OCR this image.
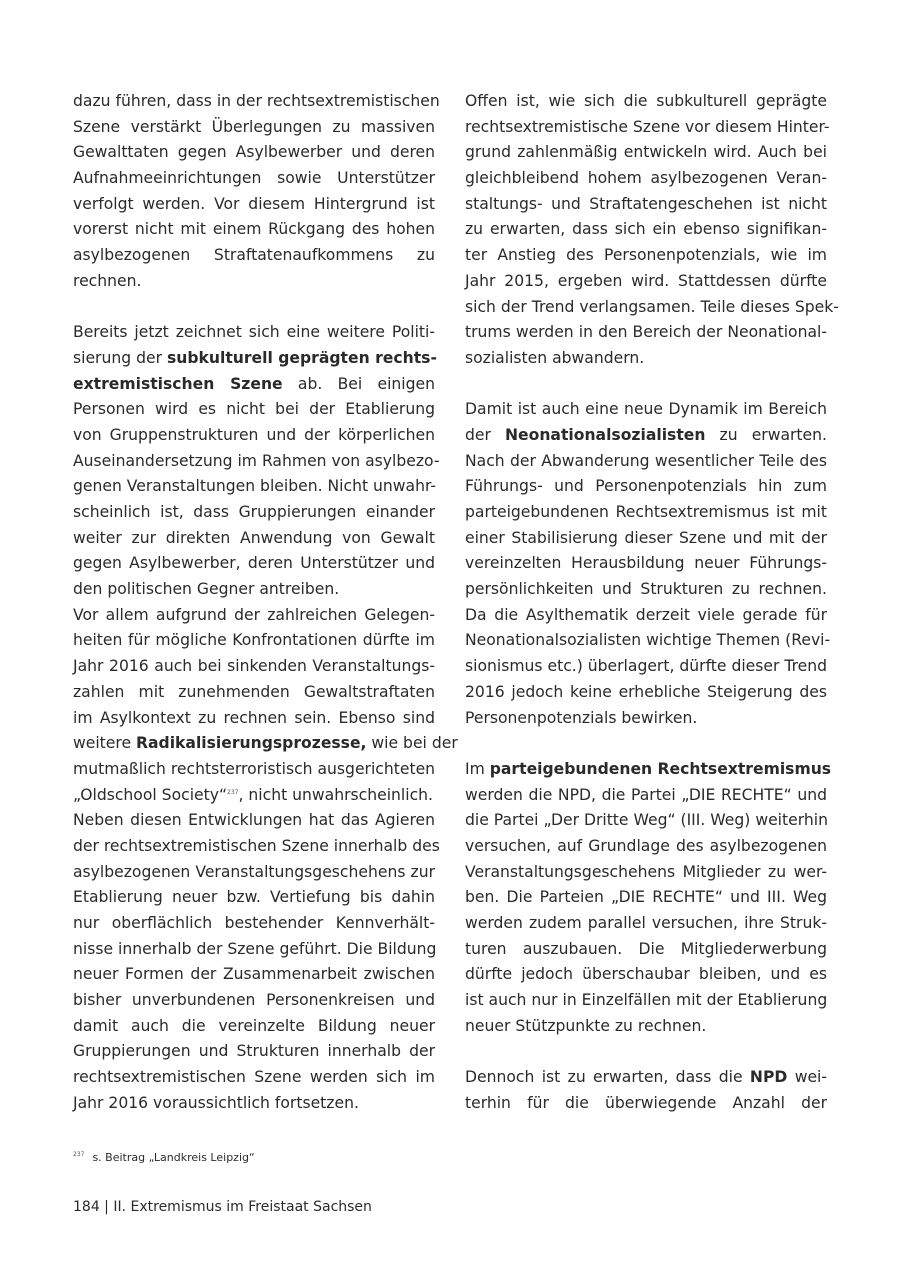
dazu führen, dass in der rechtsextremistischen
Szene verstärkt Überlegungen zu massiven
Gewalttaten gegen Asylbewerber und deren
Aufnahmeeinrichtungen sowie Unterstützer
verfolgt werden. Vor diesem Hintergrund ist
vorerst nicht mit einem Rückgang des hohen
asylbezogenen Straftatenaufkommens zu
rechnen.
Bereits jetzt zeichnet sich eine weitere Politi-
sierung der subkulturell geprägten rechts-
extremistischen Szene ab. Bei einigen
Personen wird es nicht bei der Etablierung
von Gruppenstrukturen und der körperlichen
Auseinandersetzung im Rahmen von asylbezo-
genen Veranstaltungen bleiben. Nicht unwahr-
scheinlich ist, dass Gruppierungen einander
weiter zur direkten Anwendung von Gewalt
gegen Asylbewerber, deren Unterstützer und
den politischen Gegner antreiben.
Vor allem aufgrund der zahlreichen Gelegen-
heiten für mögliche Konfrontationen dürfte im
Jahr 2016 auch bei sinkenden Veranstaltungs-
zahlen mit zunehmenden Gewaltstraftaten
im Asylkontext zu rechnen sein. Ebenso sind
weitere Radikalisierungsprozesse, wie bei der
mutmaßlich rechtsterroristisch ausgerichteten
„Oldschool Society“$^{237}$, nicht unwahrscheinlich.
Neben diesen Entwicklungen hat das Agieren
der rechtsextremistischen Szene innerhalb des
asylbezogenen Veranstaltungsgeschehens zur
Etablierung neuer bzw. Vertiefung bis dahin
nur oberflächlich bestehender Kennverhält-
nisse innerhalb der Szene geführt. Die Bildung
neuer Formen der Zusammenarbeit zwischen
bisher unverbundenen Personenkreisen und
damit auch die vereinzelte Bildung neuer
Gruppierungen und Strukturen innerhalb der
rechtsextremistischen Szene werden sich im
Jahr 2016 voraussichtlich fortsetzen.
Offen ist, wie sich die subkulturell geprägte
rechtsextremistische Szene vor diesem Hinter-
grund zahlenmäßig entwickeln wird. Auch bei
gleichbleibend hohem asylbezogenen Veran-
staltungs- und Straftatengeschehen ist nicht
zu erwarten, dass sich ein ebenso signifikan-
ter Anstieg des Personenpotenzials, wie im
Jahr 2015, ergeben wird. Stattdessen dürfte
sich der Trend verlangsamen. Teile dieses Spek-
trums werden in den Bereich der Neonational-
sozialisten abwandern.
Damit ist auch eine neue Dynamik im Bereich
der Neonationalsozialisten zu erwarten.
Nach der Abwanderung wesentlicher Teile des
Führungs- und Personenpotenzials hin zum
parteigebundenen Rechtsextremismus ist mit
einer Stabilisierung dieser Szene und mit der
vereinzelten Herausbildung neuer Führungs-
persönlichkeiten und Strukturen zu rechnen.
Da die Asylthematik derzeit viele gerade für
Neonationalsozialisten wichtige Themen (Revi-
sionismus etc.) überlagert, dürfte dieser Trend
2016 jedoch keine erhebliche Steigerung des
Personenpotenzials bewirken.
Im parteigebundenen Rechtsextremismus
werden die NPD, die Partei „DIE RECHTE“ und
die Partei „Der Dritte Weg“ (III. Weg) weiterhin
versuchen, auf Grundlage des asylbezogenen
Veranstaltungsgeschehens Mitglieder zu wer-
ben. Die Parteien „DIE RECHTE“ und III. Weg
werden zudem parallel versuchen, ihre Struk-
turen auszubauen. Die Mitgliederwerbung
dürfte jedoch überschaubar bleiben, und es
ist auch nur in Einzelfällen mit der Etablierung
neuer Stützpunkte zu rechnen.
Dennoch ist zu erwarten, dass die NPD wei-
terhin für die überwiegende Anzahl der
$^{237}$ s. Beitrag „Landkreis Leipzig“
184 | II. Extremismus im Freistaat Sachsen
